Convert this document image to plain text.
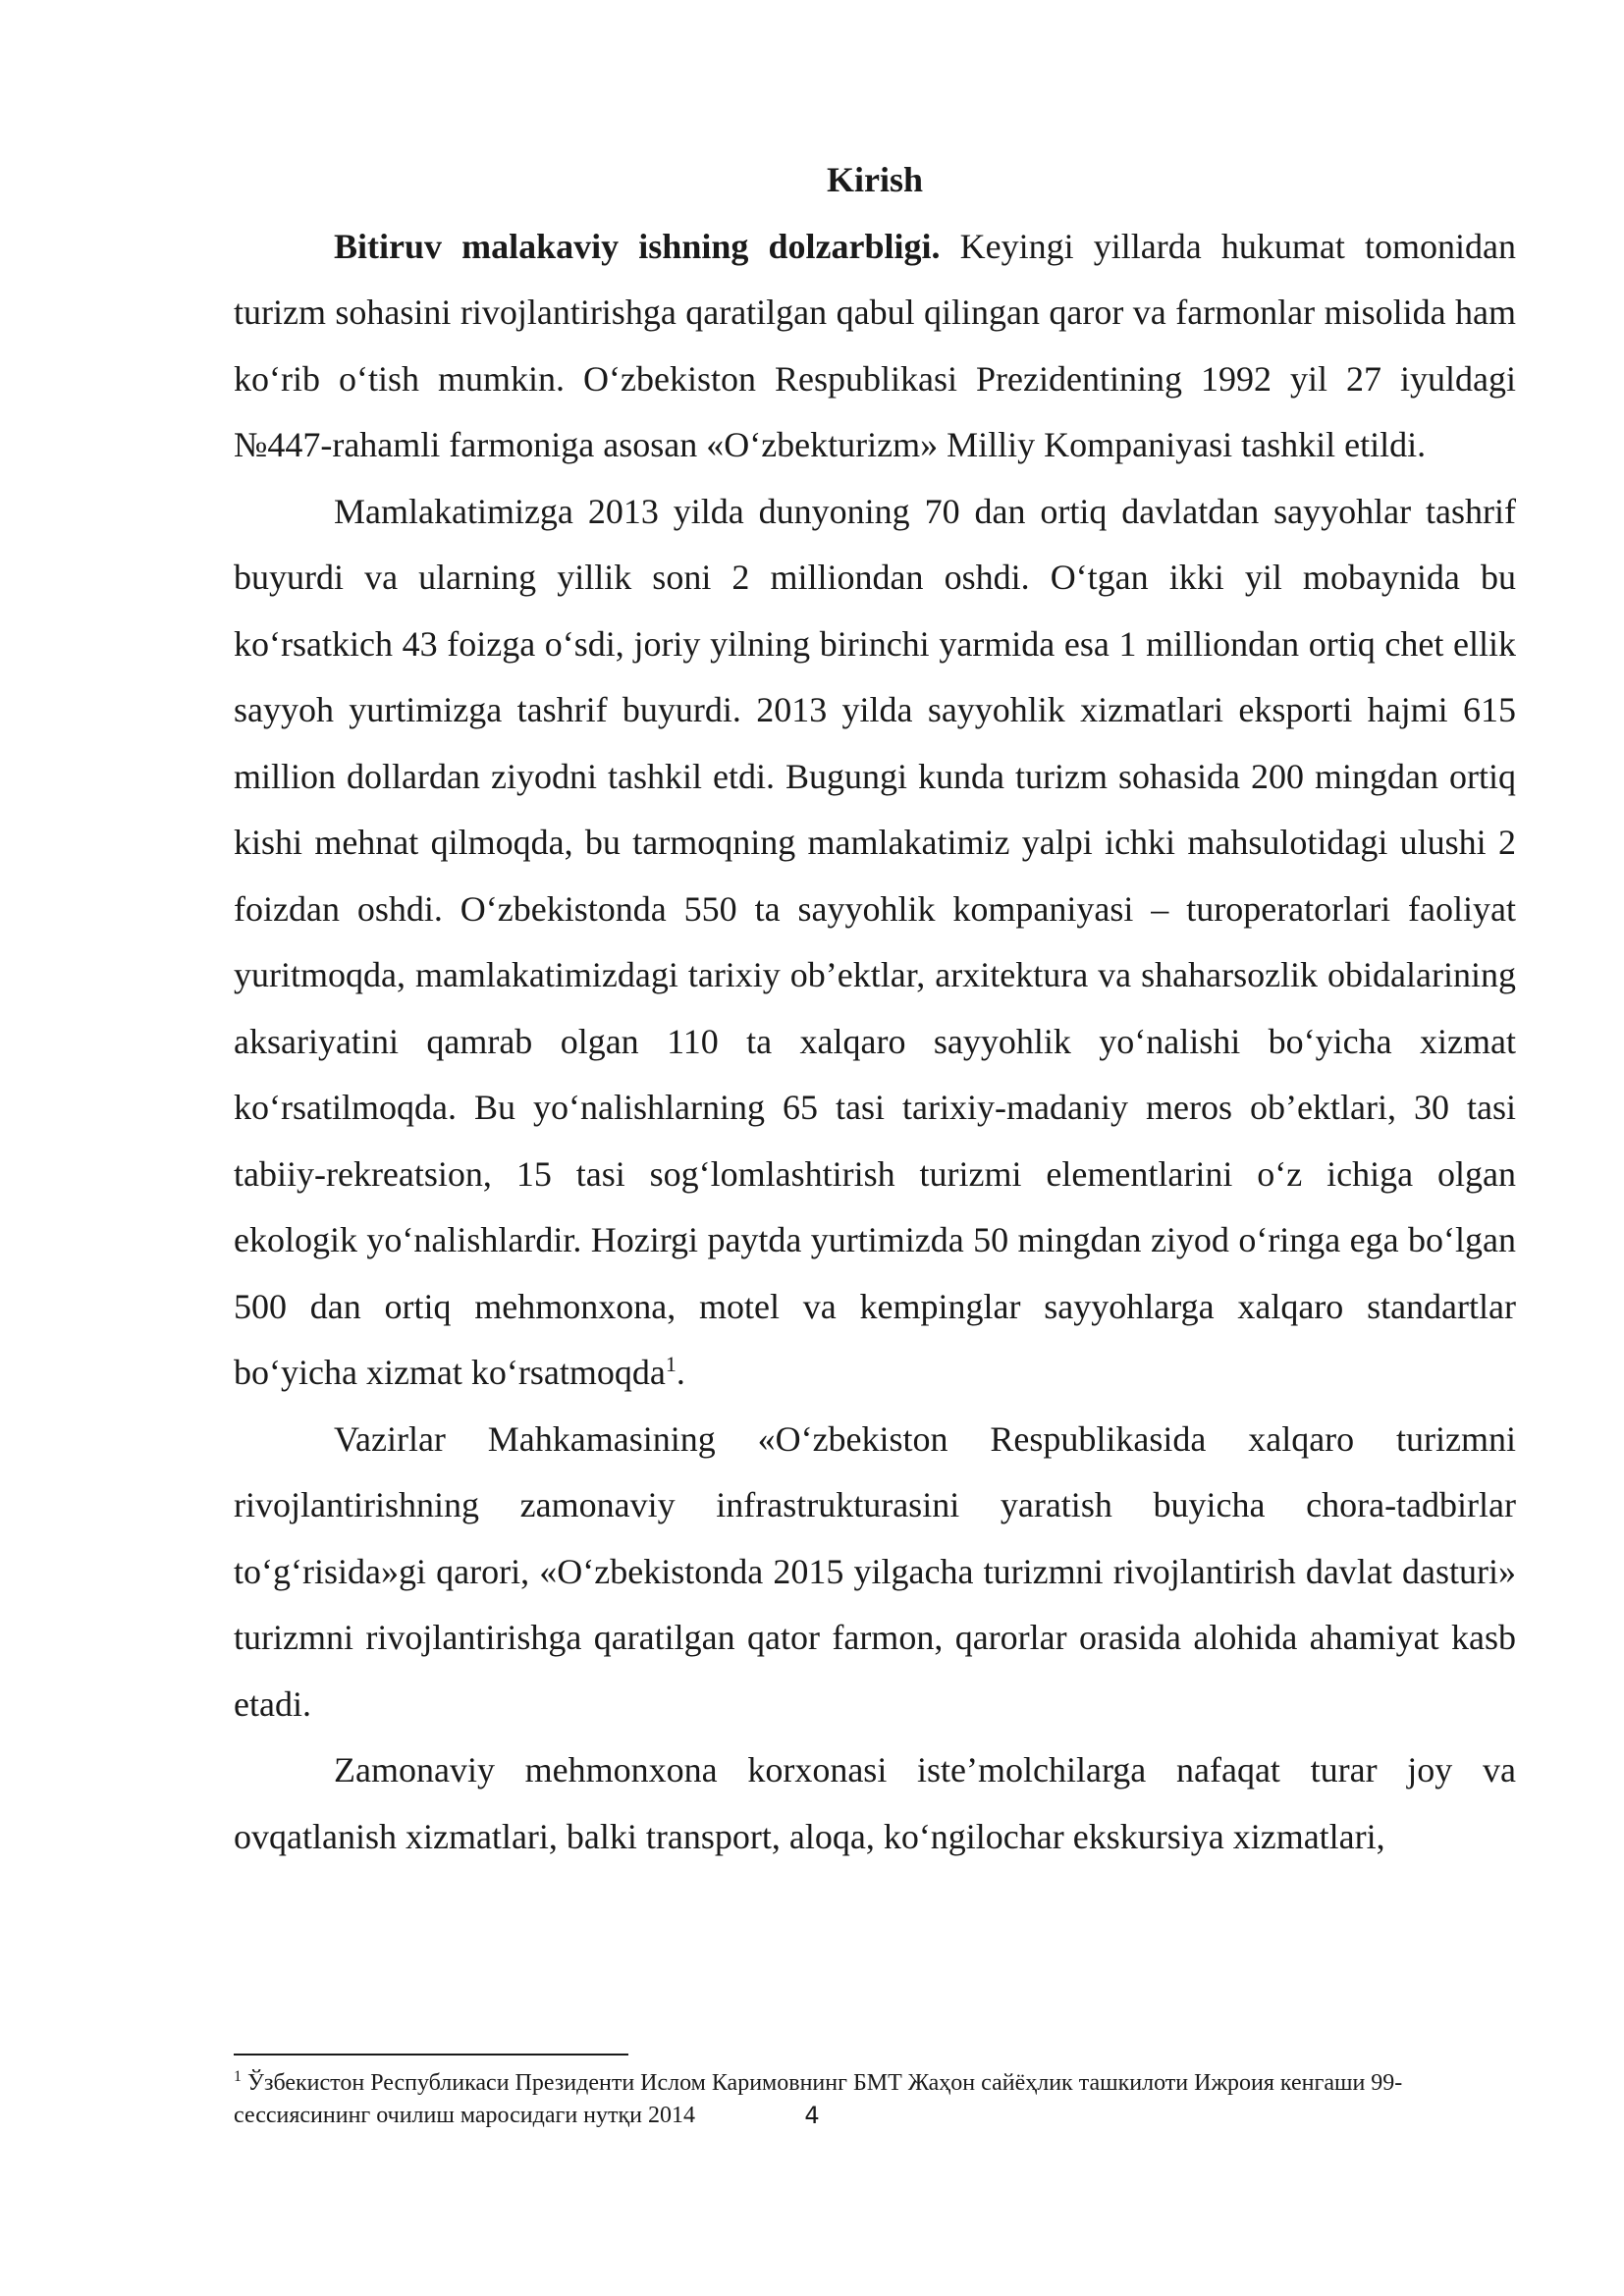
Kirish

Bitiruv malakaviy ishning dolzarbligi. Keyingi yillarda hukumat tomonidan turizm sohasini rivojlantirishga qaratilgan qabul qilingan qaror va farmonlar misolida ham ko‘rib o‘tish mumkin. O‘zbekiston Respublikasi Prezidentining 1992 yil 27 iyuldagi №447-rahamli farmoniga asosan «O‘zbekturizm» Milliy Kompaniyasi tashkil etildi.

Mamlakatimizga 2013 yilda dunyoning 70 dan ortiq davlatdan sayyohlar tashrif buyurdi va ularning yillik soni 2 milliondan oshdi. O‘tgan ikki yil mobaynida bu ko‘rsatkich 43 foizga o‘sdi, joriy yilning birinchi yarmida esa 1 milliondan ortiq chet ellik sayyoh yurtimizga tashrif buyurdi. 2013 yilda sayyohlik xizmatlari eksporti hajmi 615 million dollardan ziyodni tashkil etdi. Bugungi kunda turizm sohasida 200 mingdan ortiq kishi mehnat qilmoqda, bu tarmoqning mamlakatimiz yalpi ichki mahsulotidagi ulushi 2 foizdan oshdi. O‘zbekistonda 550 ta sayyohlik kompaniyasi – turoperatorlari faoliyat yuritmoqda, mamlakatimizdagi tarixiy ob’ektlar, arxitektura va shaharsozlik obidalarining aksariyatini qamrab olgan 110 ta xalqaro sayyohlik yo‘nalishi bo‘yicha xizmat ko‘rsatilmoqda. Bu yo‘nalishlarning 65 tasi tarixiy-madaniy meros ob’ektlari, 30 tasi tabiiy-rekreatsion, 15 tasi sog‘lomlashtirish turizmi elementlarini o‘z ichiga olgan ekologik yo‘nalishlardir. Hozirgi paytda yurtimizda 50 mingdan ziyod o‘ringa ega bo‘lgan 500 dan ortiq mehmonxona, motel va kempinglar sayyohlarga xalqaro standartlar bo‘yicha xizmat ko‘rsatmoqda$^1$.

Vazirlar Mahkamasining «O‘zbekiston Respublikasida xalqaro turizmni rivojlantirishning zamonaviy infrastrukturasini yaratish buyicha chora-tadbirlar to‘g‘risida»gi qarori, «O‘zbekistonda 2015 yilgacha turizmni rivojlantirish davlat dasturi» turizmni rivojlantirishga qaratilgan qator farmon, qarorlar orasida alohida ahamiyat kasb etadi.

Zamonaviy mehmonxona korxonasi iste’molchilarga nafaqat turar joy va ovqatlanish xizmatlari, balki transport, aloqa, ko‘ngilochar ekskursiya xizmatlari,

$^1$ Ўзбекистон Республикаси Президенти Ислом Каримовнинг БМТ Жаҳон сайёҳлик ташкилоти Ижроия кенгаши 99-сессиясининг очилиш маросидаги нутқи 2014	4
